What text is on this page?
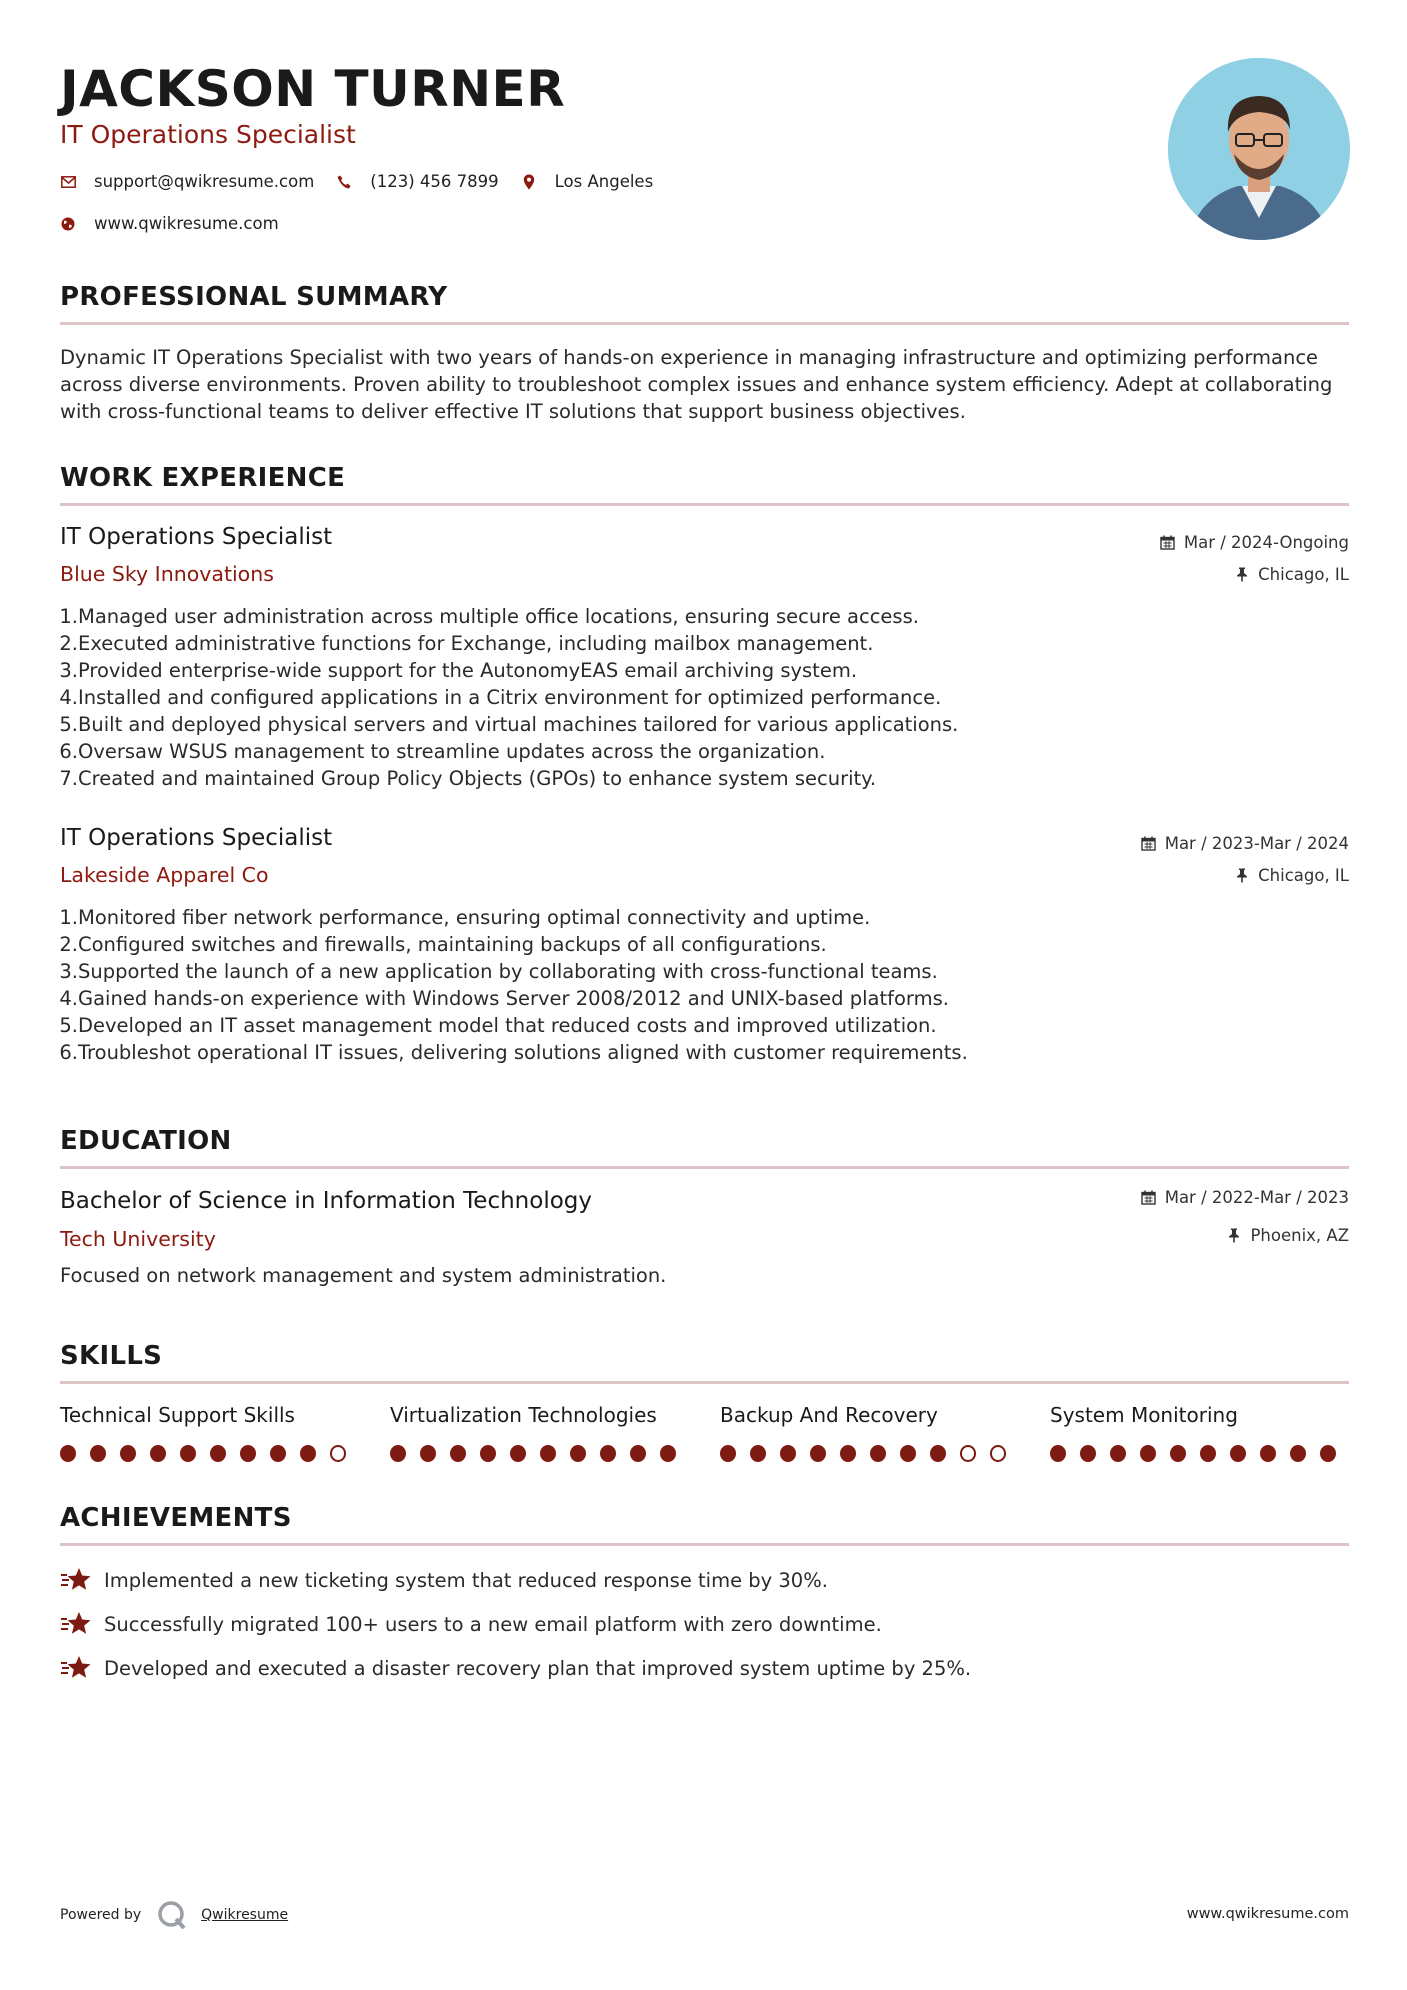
JACKSON TURNER
IT Operations Specialist
support@qwikresume.com	(123) 456 7899	Los Angeles
www.qwikresume.com
PROFESSIONAL SUMMARY
Dynamic IT Operations Specialist with two years of hands-on experience in managing infrastructure and optimizing performance across diverse environments. Proven ability to troubleshoot complex issues and enhance system efficiency. Adept at collaborating with cross-functional teams to deliver effective IT solutions that support business objectives.
WORK EXPERIENCE
IT Operations Specialist
Blue Sky Innovations
Mar / 2024-Ongoing
Chicago, IL
1. Managed user administration across multiple office locations, ensuring secure access.
2. Executed administrative functions for Exchange, including mailbox management.
3. Provided enterprise-wide support for the AutonomyEAS email archiving system.
4. Installed and configured applications in a Citrix environment for optimized performance.
5. Built and deployed physical servers and virtual machines tailored for various applications.
6. Oversaw WSUS management to streamline updates across the organization.
7. Created and maintained Group Policy Objects (GPOs) to enhance system security.
IT Operations Specialist
Lakeside Apparel Co
Mar / 2023-Mar / 2024
Chicago, IL
1. Monitored fiber network performance, ensuring optimal connectivity and uptime.
2. Configured switches and firewalls, maintaining backups of all configurations.
3. Supported the launch of a new application by collaborating with cross-functional teams.
4. Gained hands-on experience with Windows Server 2008/2012 and UNIX-based platforms.
5. Developed an IT asset management model that reduced costs and improved utilization.
6. Troubleshot operational IT issues, delivering solutions aligned with customer requirements.
EDUCATION
Bachelor of Science in Information Technology
Tech University
Mar / 2022-Mar / 2023
Phoenix, AZ
Focused on network management and system administration.
SKILLS
Technical Support Skills	Virtualization Technologies	Backup And Recovery	System Monitoring
ACHIEVEMENTS
Implemented a new ticketing system that reduced response time by 30%.
Successfully migrated 100+ users to a new email platform with zero downtime.
Developed and executed a disaster recovery plan that improved system uptime by 25%.
Powered by	Qwikresume	www.qwikresume.com
